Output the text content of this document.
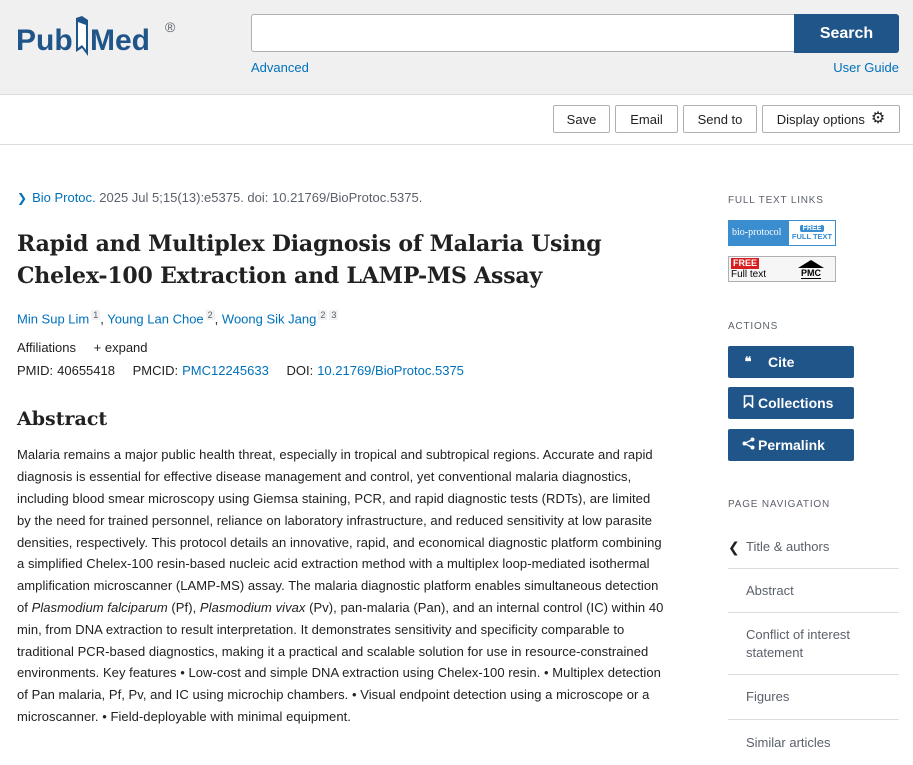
Pub Med ®	Search
Advanced	User Guide
Save	Email	Send to	Display options ⚙
❯ Bio Protoc. 2025 Jul 5;15(13):e5375. doi: 10.21769/BioProtoc.5375.
Rapid and Multiplex Diagnosis of Malaria Using Chelex-100 Extraction and LAMP-MS Assay
Min Sup Lim $^1$ , Young Lan Choe $^2$ , Woong Sik Jang $^2$ $^3$
Affiliations + expand
PMID: 40655418 PMCID: PMC12245633 DOI: 10.21769/BioProtoc.5375
Abstract
Malaria remains a major public health threat, especially in tropical and subtropical regions. Accurate and rapid diagnosis is essential for effective disease management and control, yet conventional malaria diagnostics, including blood smear microscopy using Giemsa staining, PCR, and rapid diagnostic tests (RDTs), are limited by the need for trained personnel, reliance on laboratory infrastructure, and reduced sensitivity at low parasite densities, respectively. This protocol details an innovative, rapid, and economical diagnostic platform combining a simplified Chelex-100 resin-based nucleic acid extraction method with a multiplex loop-mediated isothermal amplification microscanner (LAMP-MS) assay. The malaria diagnostic platform enables simultaneous detection of Plasmodium falciparum (Pf), Plasmodium vivax (Pv), pan-malaria (Pan), and an internal control (IC) within 40 min, from DNA extraction to result interpretation. It demonstrates sensitivity and specificity comparable to traditional PCR-based diagnostics, making it a practical and scalable solution for use in resource-constrained environments. Key features • Low-cost and simple DNA extraction using Chelex-100 resin. • Multiplex detection of Pan malaria, Pf, Pv, and IC using microchip chambers. • Visual endpoint detection using a microscope or a microscanner. • Field-deployable with minimal equipment.
FULL TEXT LINKS
bio-protocol	FREE
FULL TEXT
FREE
Full text	PMC
ACTIONS
❝	Cite
Collections
Permalink
PAGE NAVIGATION
❮ Title & authors
Abstract
Conflict of interest statement
Figures
Similar articles
